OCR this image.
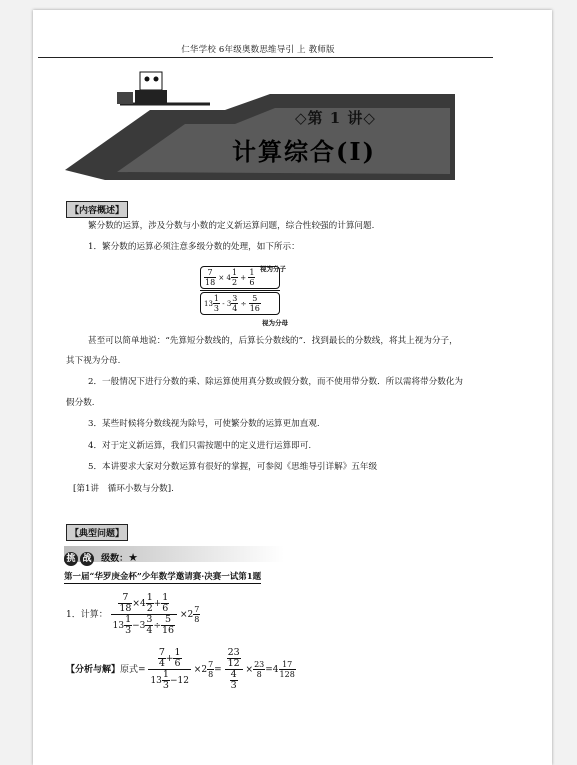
仁华学校 6年级奥数思维导引 上 教师版
◇第 1 讲◇
计算综合(Ⅰ)
【内容概述】
繁分数的运算，涉及分数与小数的定义新运算问题，综合性较强的计算问题.
1．繁分数的运算必须注意多级分数的处理，如下所示：
$\frac{\frac{7}{18} \times 4 \frac{1}{2} + \frac{1}{6}}{13 \frac{1}{3} - 3 \frac{3}{4} \div \frac{5}{16}}$
视为分子
视为分母
甚至可以简单地说：“先算短分数线的，后算长分数线的”．找到最长的分数线，将其上视为分子，
其下视为分母.
2．一般情况下进行分数的乘、除运算使用真分数或假分数，而不使用带分数．所以需将带分数化为
假分数.
3．某些时候将分数线视为除号，可使繁分数的运算更加直观.
4．对于定义新运算，我们只需按题中的定义进行运算即可.
5．本讲要求大家对分数运算有很好的掌握，可参阅《思维导引详解》五年级
[第1讲　循环小数与分数].
【典型问题】
挑 战 级数：★
第一届“华罗庚金杯”少年数学邀请赛·决赛一试第1题
1．计算： $\frac{\frac{7}{18} \times 4 \frac{1}{2} + \frac{1}{6}}{13 \frac{1}{3} -3 \frac{3}{4} \div \frac{5}{16}} \times 2 \frac{7}{8}$
【分析与解】原式= $\frac{\frac{7}{4} + \frac{1}{6}}{13 \frac{1}{3} -12} \times 2 \frac{7}{8} = \frac{\frac{23}{12}}{\frac{4}{3}} \times \frac{23}{8} =4 \frac{17}{128}$
